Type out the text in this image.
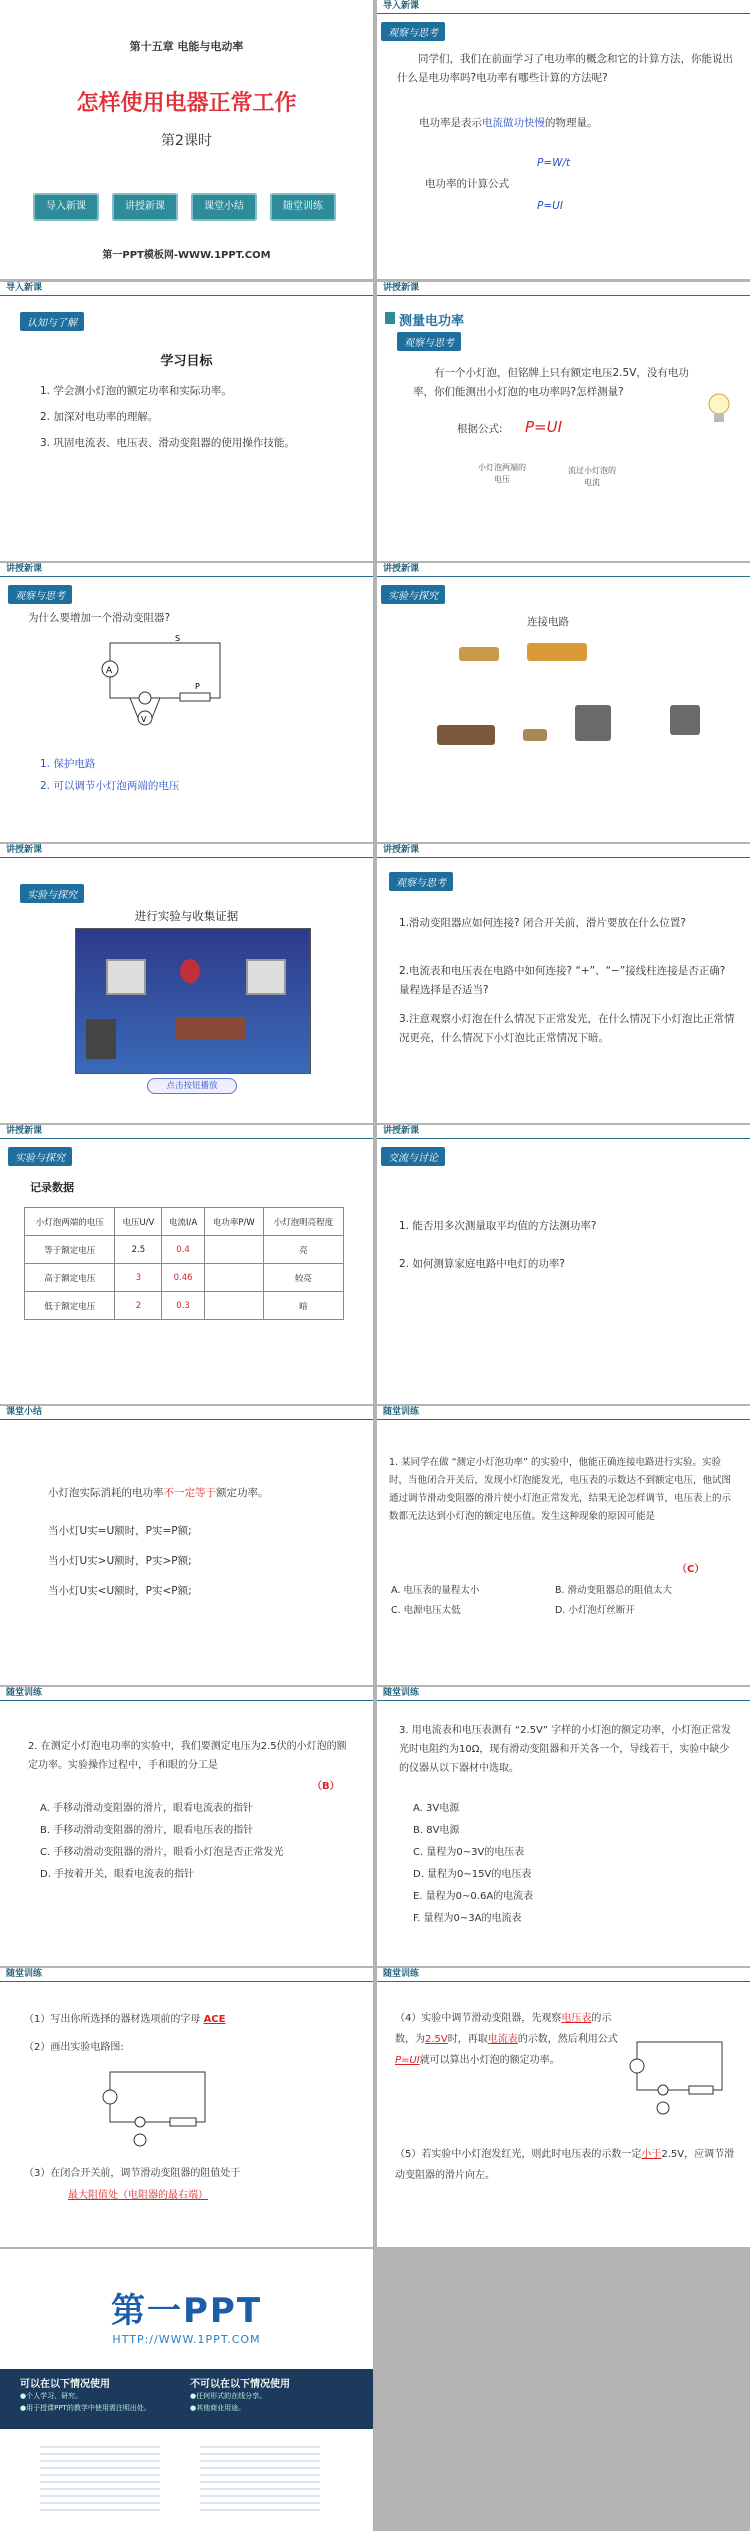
第十五章 电能与电动率
怎样使用电器正常工作
第2课时
导入新课	讲授新课	课堂小结	随堂训练
第一PPT模板网-WWW.1PPT.COM
导入新课
观察与思考
同学们，我们在前面学习了电功率的概念和它的计算方法，你能说出什么是电功率吗?电功率有哪些计算的方法呢?
电功率是表示电流做功快慢的物理量。
P=W/t
电功率的计算公式
P=UI
导入新课
认知与了解
学习目标
1. 学会测小灯泡的额定功率和实际功率。
2. 加深对电功率的理解。
3. 巩固电流表、电压表、滑动变阻器的使用操作技能。
讲授新课
测量电功率
观察与思考
有一个小灯泡，但铭牌上只有额定电压2.5V，没有电功率，你们能测出小灯泡的电功率吗?怎样测量?
根据公式: P=UI
小灯泡两端的电压
流过小灯泡的电流
讲授新课
观察与思考
为什么要增加一个滑动变阻器?
A
P
V
S
1. 保护电路
2. 可以调节小灯泡两端的电压
讲授新课
实验与探究
连接电路
讲授新课
实验与探究
进行实验与收集证据
点击按钮播放
讲授新课
观察与思考
1.滑动变阻器应如何连接? 闭合开关前，滑片要放在什么位置?
2.电流表和电压表在电路中如何连接? “+”、“−”接线柱连接是否正确? 量程选择是否适当?
3.注意观察小灯泡在什么情况下正常发光，在什么情况下小灯泡比正常情况更亮，什么情况下小灯泡比正常情况下暗。
讲授新课
实验与探究
记录数据
小灯泡两端的电压	电压U/V	电流I/A	电功率P/W	小灯泡明亮程度
等于额定电压	2.5	0.4		亮
高于额定电压	3	0.46		较亮
低于额定电压	2	0.3		暗
讲授新课
交流与讨论
1. 能否用多次测量取平均值的方法测功率?
2. 如何测算家庭电路中电灯的功率?
课堂小结
小灯泡实际消耗的电功率不一定等于额定功率。
当小灯U实=U额时，P实=P额;
当小灯U实>U额时，P实>P额;
当小灯U实<U额时，P实<P额;
随堂训练
1. 某同学在做 “测定小灯泡功率” 的实验中，他能正确连接电路进行实验。实验时，当他闭合开关后，发现小灯泡能发光，电压表的示数达不到额定电压，他试图通过调节滑动变阻器的滑片使小灯泡正常发光，结果无论怎样调节，电压表上的示数都无法达到小灯泡的额定电压值。发生这种现象的原因可能是
（C）
A. 电压表的量程太小	B. 滑动变阻器总的阻值太大
C. 电源电压太低	D. 小灯泡灯丝断开
随堂训练
2. 在测定小灯泡电功率的实验中，我们要测定电压为2.5伏的小灯泡的额定功率。实验操作过程中，手和眼的分工是
（B）
A. 手移动滑动变阻器的滑片，眼看电流表的指针
B. 手移动滑动变阻器的滑片，眼看电压表的指针
C. 手移动滑动变阻器的滑片，眼看小灯泡是否正常发光
D. 手按着开关，眼看电流表的指针
随堂训练
3. 用电流表和电压表测有 “2.5V” 字样的小灯泡的额定功率，小灯泡正常发光时电阻约为10Ω，现有滑动变阻器和开关各一个，导线若干，实验中缺少的仪器从以下器材中选取。
A. 3V电源
B. 8V电源
C. 量程为0~3V的电压表
D. 量程为0~15V的电压表
E. 量程为0~0.6A的电流表
F. 量程为0~3A的电流表
随堂训练
（1）写出你所选择的器材选项前的字母 ACE
（2）画出实验电路图:
（3）在闭合开关前，调节滑动变阻器的阻值处于
最大阻值处（电阻器的最右端）
随堂训练
（4）实验中调节滑动变阻器，先观察电压表的示数，为2.5V时，再取电流表的示数，然后利用公式P=UI就可以算出小灯泡的额定功率。
（5）若实验中小灯泡发红光，则此时电压表的示数一定小于2.5V，应调节滑动变阻器的滑片向左。
第一PPT
HTTP://WWW.1PPT.COM
可以在以下情况使用
●个人学习、研究。
●用于授课PPT的教学中使用需注明出处。
不可以在以下情况使用
●任何形式的在线分享。
●其他商业用途。
